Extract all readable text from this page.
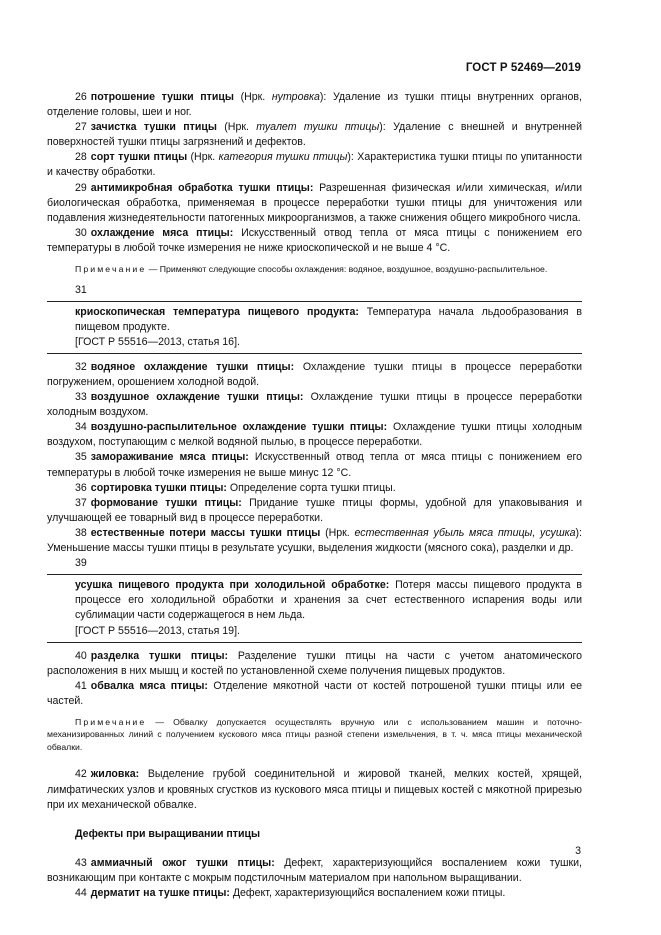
ГОСТ Р 52469—2019

26 потрошение тушки птицы (Нрк. нутровка): Удаление из тушки птицы внутренних органов, отделение головы, шеи и ног.

27 зачистка тушки птицы (Нрк. туалет тушки птицы): Удаление с внешней и внутренней поверхностей тушки птицы загрязнений и дефектов.

28 сорт тушки птицы (Нрк. категория тушки птицы): Характеристика тушки птицы по упитанности и качеству обработки.

29 антимикробная обработка тушки птицы: Разрешенная физическая и/или химическая, и/или биологическая обработка, применяемая в процессе переработки тушки птицы для уничтожения или подавления жизнедеятельности патогенных микроорганизмов, а также снижения общего микробного числа.

30 охлаждение мяса птицы: Искусственный отвод тепла от мяса птицы с понижением его температуры в любой точке измерения не ниже криоскопической и не выше 4 °С.

Примечание — Применяют следующие способы охлаждения: водяное, воздушное, воздушно-распылительное.

31

криоскопическая температура пищевого продукта: Температура начала льдообразования в пищевом продукте.

[ГОСТ Р 55516—2013, статья 16].

32 водяное охлаждение тушки птицы: Охлаждение тушки птицы в процессе переработки погружением, орошением холодной водой.

33 воздушное охлаждение тушки птицы: Охлаждение тушки птицы в процессе переработки холодным воздухом.

34 воздушно-распылительное охлаждение тушки птицы: Охлаждение тушки птицы холодным воздухом, поступающим с мелкой водяной пылью, в процессе переработки.

35 замораживание мяса птицы: Искусственный отвод тепла от мяса птицы с понижением его температуры в любой точке измерения не выше минус 12 °С.

36 сортировка тушки птицы: Определение сорта тушки птицы.

37 формование тушки птицы: Придание тушке птицы формы, удобной для упаковывания и улучшающей ее товарный вид в процессе переработки.

38 естественные потери массы тушки птицы (Нрк. естественная убыль мяса птицы, усушка): Уменьшение массы тушки птицы в результате усушки, выделения жидкости (мясного сока), разделки и др.

39

усушка пищевого продукта при холодильной обработке: Потеря массы пищевого продукта в процессе его холодильной обработки и хранения за счет естественного испарения воды или сублимации части содержащегося в нем льда.

[ГОСТ Р 55516—2013, статья 19].

40 разделка тушки птицы: Разделение тушки птицы на части с учетом анатомического расположения в них мышц и костей по установленной схеме получения пищевых продуктов.

41 обвалка мяса птицы: Отделение мякотной части от костей потрошеной тушки птицы или ее частей.

Примечание — Обвалку допускается осуществлять вручную или с использованием машин и поточно-механизированных линий с получением кускового мяса птицы разной степени измельчения, в т. ч. мяса птицы механической обвалки.

42 жиловка: Выделение грубой соединительной и жировой тканей, мелких костей, хрящей, лимфатических узлов и кровяных сгустков из кускового мяса птицы и пищевых костей с мякотной прирезью при их механической обвалке.

Дефекты при выращивании птицы

43 аммиачный ожог тушки птицы: Дефект, характеризующийся воспалением кожи тушки, возникающим при контакте с мокрым подстилочным материалом при напольном выращивании.

44 дерматит на тушке птицы: Дефект, характеризующийся воспалением кожи птицы.

3
